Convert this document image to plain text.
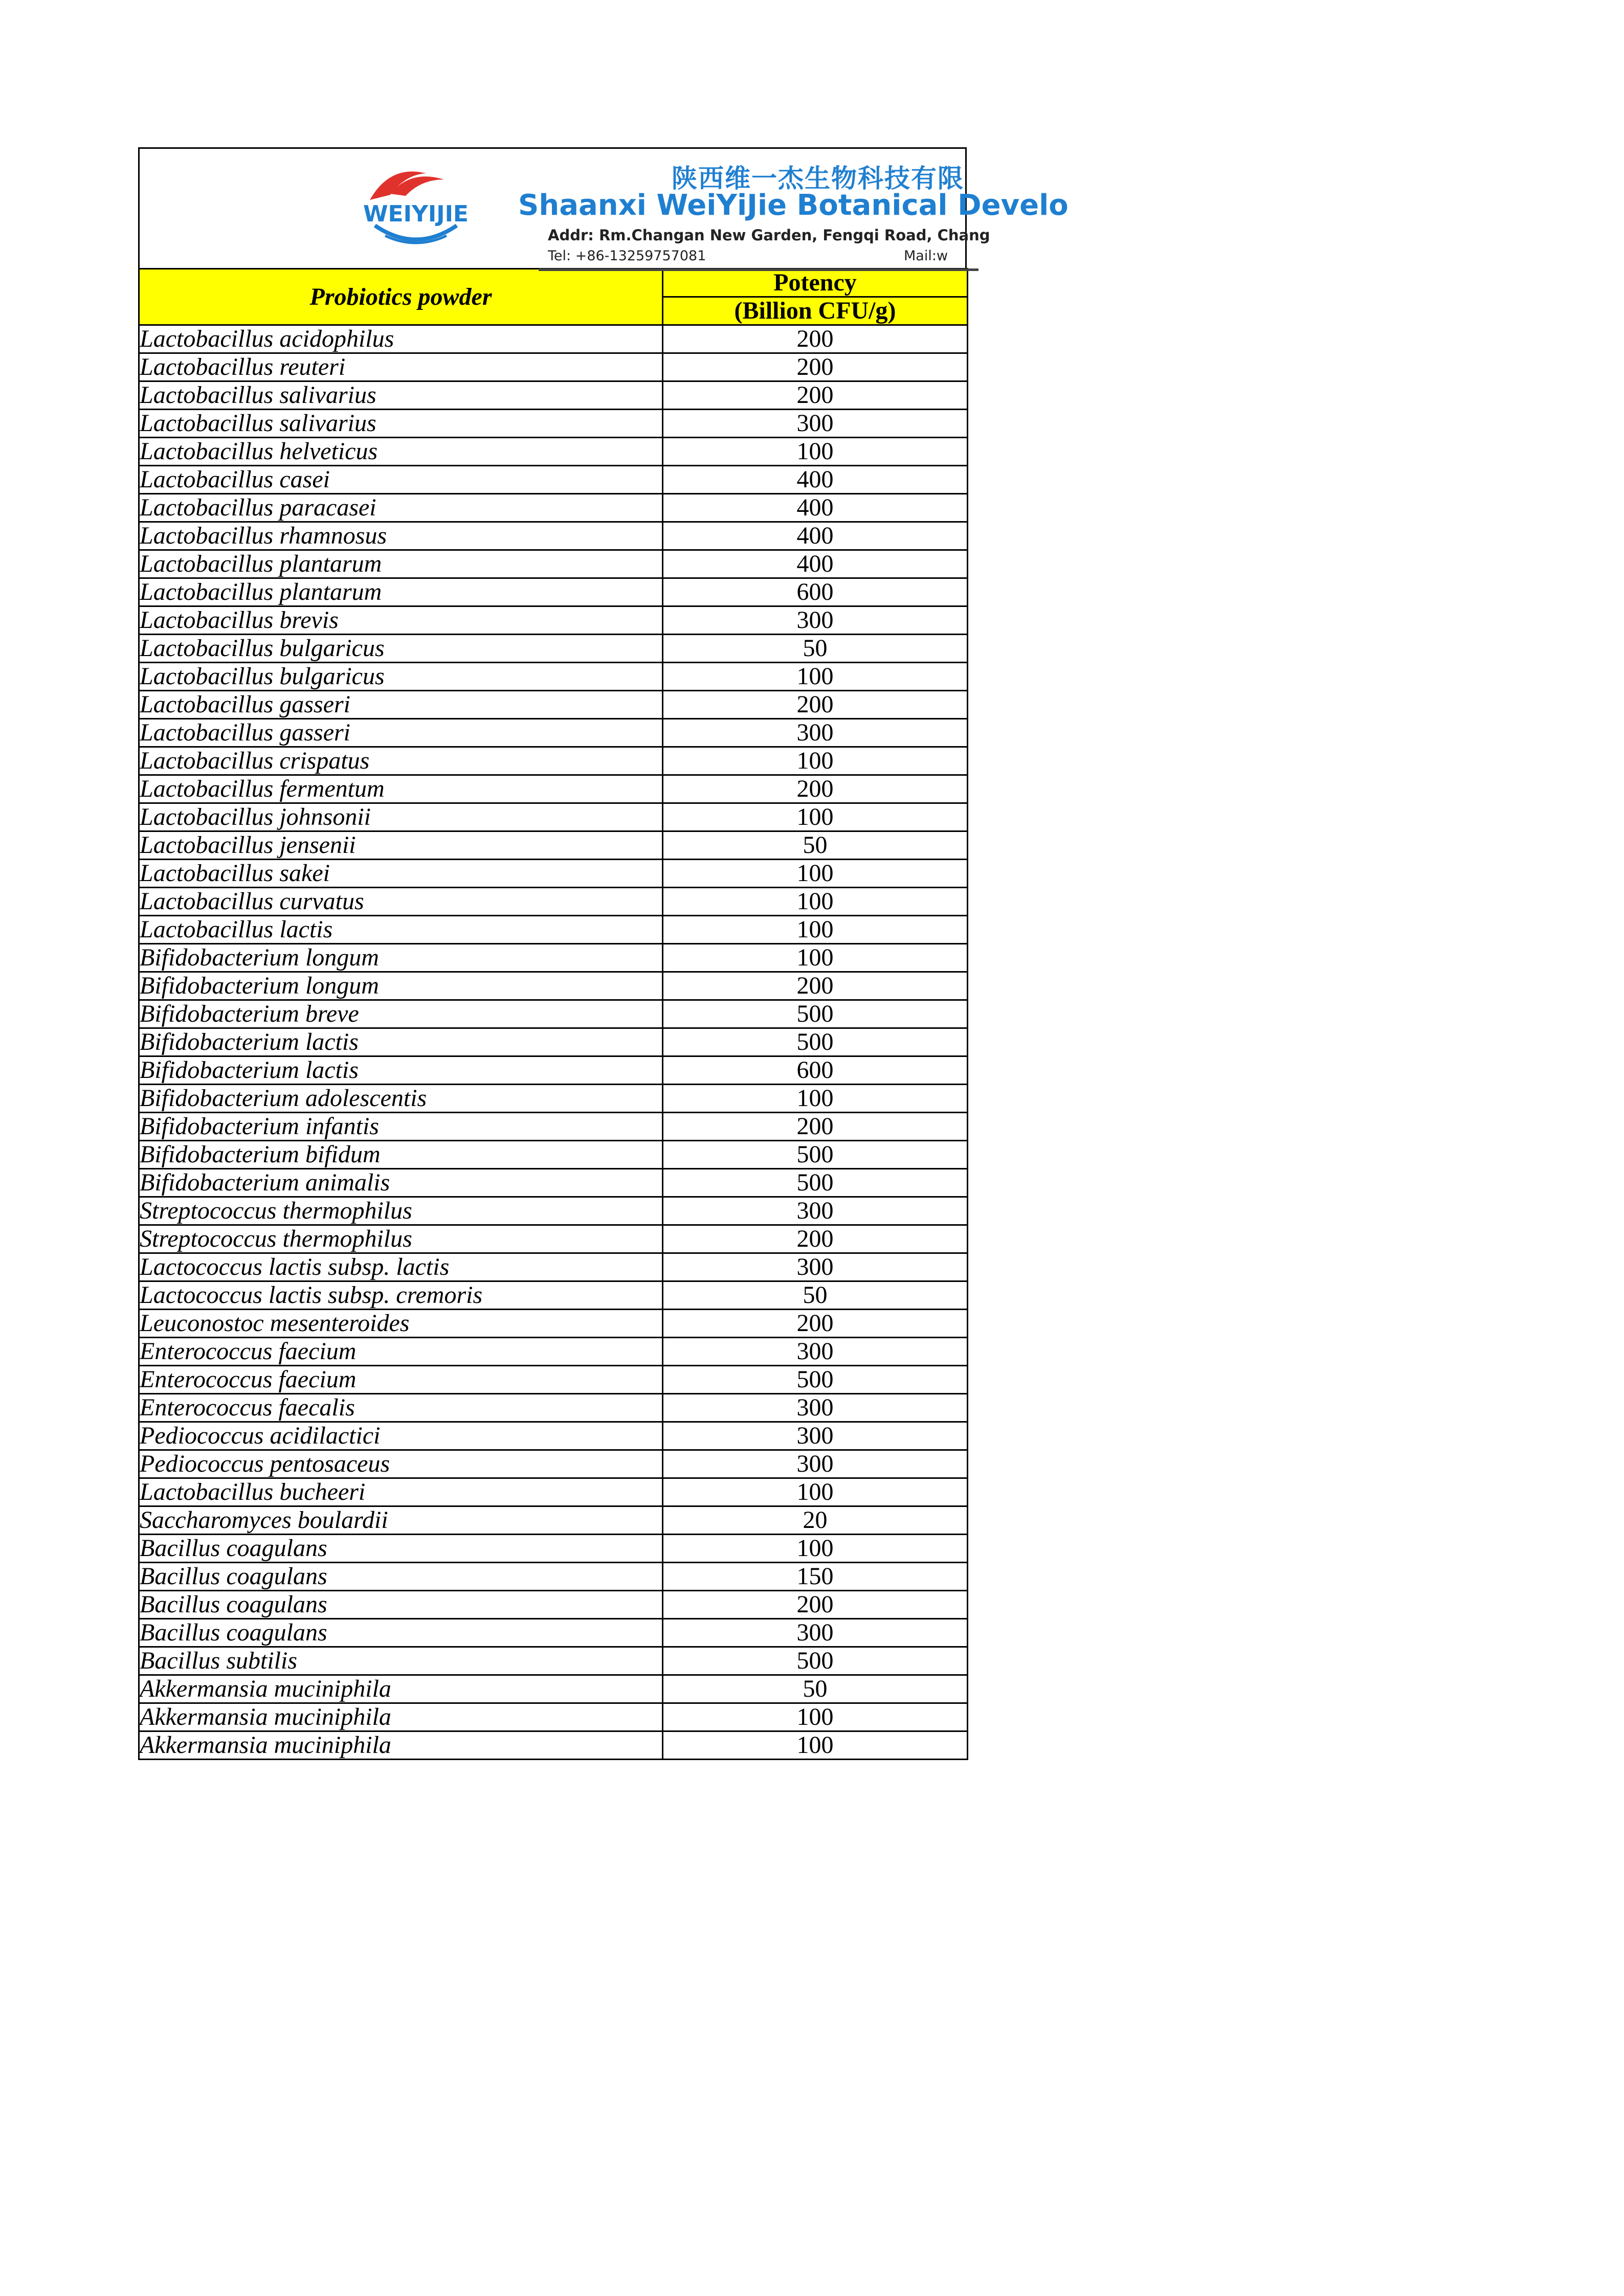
WEIYIJIE
陕西维一杰生物科技有限
Shaanxi WeiYiJie Botanical Develo
Addr: Rm.Changan New Garden, Fengqi Road, Chang
Tel: +86-13259757081	Mail:w
Probiotics powder	Potency
	(Billion CFU/g)
Lactobacillus acidophilus	200
Lactobacillus reuteri	200
Lactobacillus salivarius	200
Lactobacillus salivarius	300
Lactobacillus helveticus	100
Lactobacillus casei	400
Lactobacillus paracasei	400
Lactobacillus rhamnosus	400
Lactobacillus plantarum	400
Lactobacillus plantarum	600
Lactobacillus brevis	300
Lactobacillus bulgaricus	50
Lactobacillus bulgaricus	100
Lactobacillus gasseri	200
Lactobacillus gasseri	300
Lactobacillus crispatus	100
Lactobacillus fermentum	200
Lactobacillus johnsonii	100
Lactobacillus jensenii	50
Lactobacillus sakei	100
Lactobacillus curvatus	100
Lactobacillus lactis	100
Bifidobacterium longum	100
Bifidobacterium longum	200
Bifidobacterium breve	500
Bifidobacterium lactis	500
Bifidobacterium lactis	600
Bifidobacterium adolescentis	100
Bifidobacterium infantis	200
Bifidobacterium bifidum	500
Bifidobacterium animalis	500
Streptococcus thermophilus	300
Streptococcus thermophilus	200
Lactococcus lactis subsp. lactis	300
Lactococcus lactis subsp. cremoris	50
Leuconostoc mesenteroides	200
Enterococcus faecium	300
Enterococcus faecium	500
Enterococcus faecalis	300
Pediococcus acidilactici	300
Pediococcus pentosaceus	300
Lactobacillus bucheeri	100
Saccharomyces boulardii	20
Bacillus coagulans	100
Bacillus coagulans	150
Bacillus coagulans	200
Bacillus coagulans	300
Bacillus subtilis	500
Akkermansia muciniphila	50
Akkermansia muciniphila	100
Akkermansia muciniphila	100
